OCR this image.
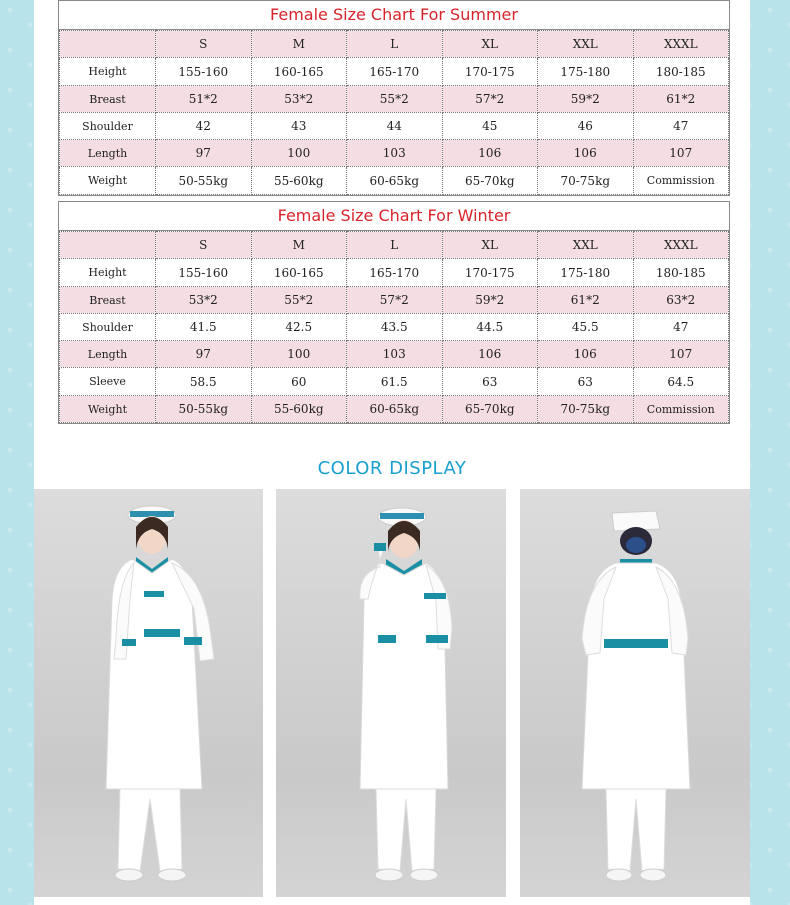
Female Size Chart For Summer
	S	M	L	XL	XXL	XXXL
Height	155-160	160-165	165-170	170-175	175-180	180-185
Breast	51*2	53*2	55*2	57*2	59*2	61*2
Shoulder	42	43	44	45	46	47
Length	97	100	103	106	106	107
Weight	50-55kg	55-60kg	60-65kg	65-70kg	70-75kg	Commission
Female Size Chart For Winter
	S	M	L	XL	XXL	XXXL
Height	155-160	160-165	165-170	170-175	175-180	180-185
Breast	53*2	55*2	57*2	59*2	61*2	63*2
Shoulder	41.5	42.5	43.5	44.5	45.5	47
Length	97	100	103	106	106	107
Sleeve	58.5	60	61.5	63	63	64.5
Weight	50-55kg	55-60kg	60-65kg	65-70kg	70-75kg	Commission
COLOR DISPLAY
